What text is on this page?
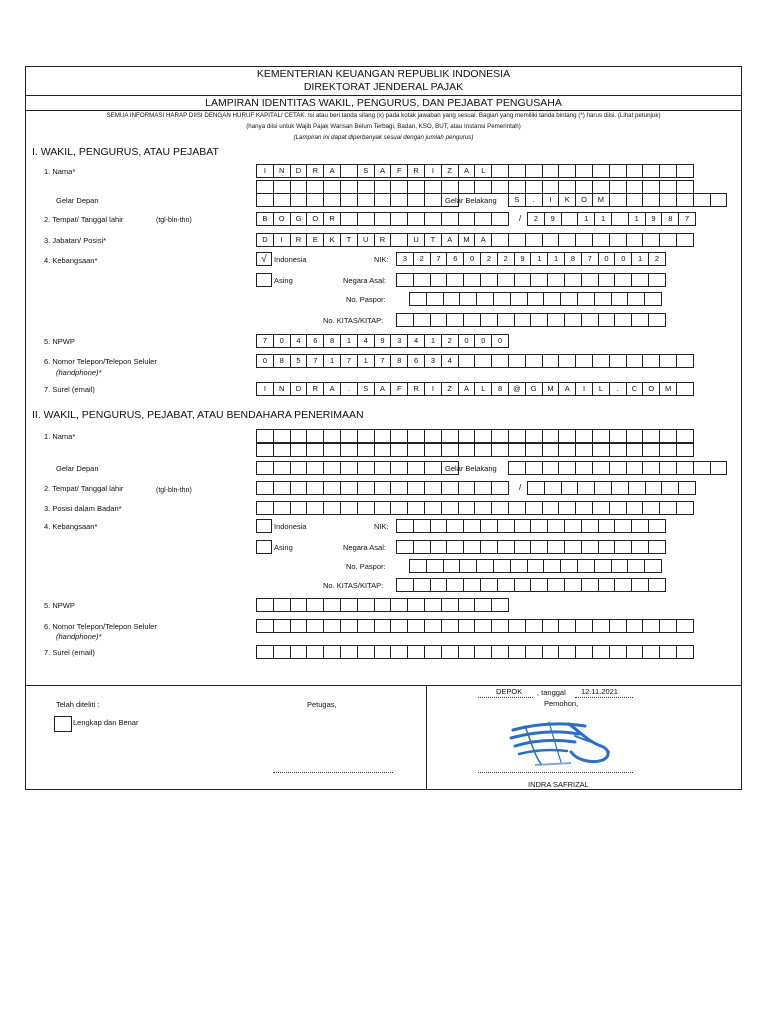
KEMENTERIAN KEUANGAN REPUBLIK INDONESIA
DIREKTORAT JENDERAL PAJAK
LAMPIRAN IDENTITAS WAKIL, PENGURUS, DAN PEJABAT PENGUSAHA
SEMUA INFORMASI HARAP DIISI DENGAN HURUF KAPITAL/ CETAK. Isi atau beri tanda silang (x) pada kotak jawaban yang sesuai. Bagian yang memiliki tanda bintang (*) harus diisi. (Lihat petunjuk)
(hanya diisi untuk Wajib Pajak Warisan Belum Terbagi, Badan, KSO, BUT, atau Instansi Pemerintah)
(Lampiran ini dapat diperbanyak sesuai dengan jumlah pengurus)
I. WAKIL, PENGURUS, ATAU PEJABAT
1. Nama*	I	N	D	R	A	S	A	F	R	I	Z	A	L
Gelar Depan	Gelar Belakang	S	.	I	K	O	M
2. Tempat/ Tanggal lahir	(tgl-bln-thn)	B	O	G	O	R	/	2	9	1	1	1	9	8	7
3. Jabatan/ Posisi*	D	I	R	E	K	T	U	R	U	T	A	M	A
4. Kebangsaan*	√ Indonesia	NIK:	3	2	7	6	0	2	2	9	1	1	8	7	0	0	1	2
Asing	Negara Asal:
No. Paspor:
No. KITAS/KITAP:
5. NPWP	7	0	4	6	8	1	4	9	3	4	1	2	0	0	0
6. Nomor Telepon/Telepon Seluler
(handphone)*
0	8	5	7	1	7	1	7	8	6	3	4
7. Surel (email)	I	N	D	R	A	.	S	A	F	R	I	Z	A	L	8	@	G	M	A	I	L	.	C	O	M
II. WAKIL, PENGURUS, PEJABAT, ATAU BENDAHARA PENERIMAAN
1. Nama*
Gelar Depan	Gelar Belakang
2. Tempat/ Tanggal lahir	(tgl-bln-thn)	/
3. Posisi dalam Badan*
4. Kebangsaan*	Indonesia	NIK:
Asing	Negara Asal:
No. Paspor:
No. KITAS/KITAP:
5. NPWP
6. Nomor Telepon/Telepon Seluler
(handphone)*
7. Surel (email)
Telah diteliti :	Petugas,
Lengkap dan Benar
DEPOK , tanggal 12.11.2021
Pemohon,
INDRA SAFRIZAL
